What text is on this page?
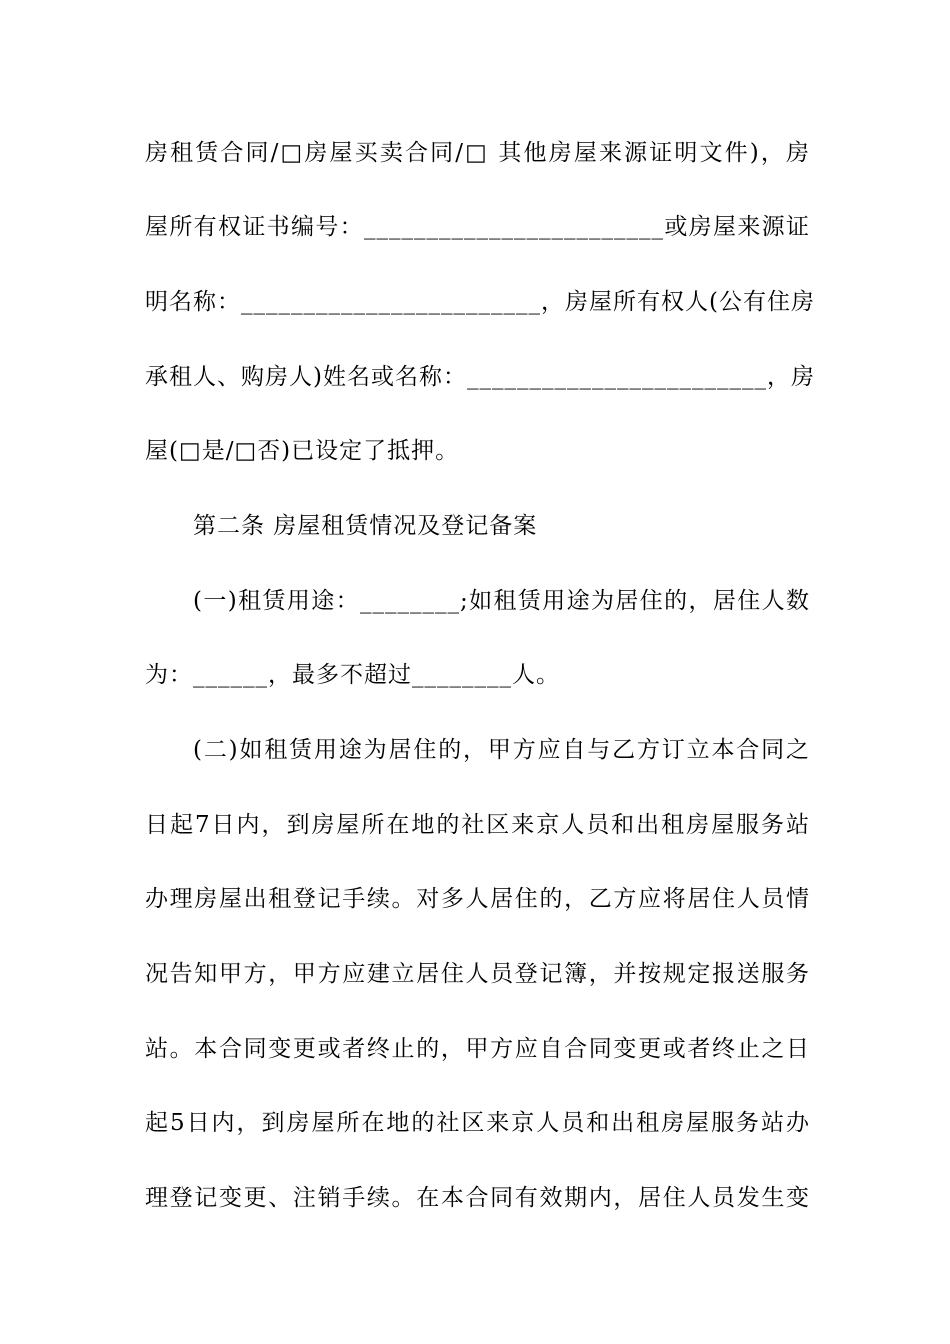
房租赁合同/□房屋买卖合同/□ 其他房屋来源证明文件)，房
屋所有权证书编号：________________________或房屋来源证
明名称：________________________，房屋所有权人(公有住房
承租人、购房人)姓名或名称：________________________，房
屋(□是/□否)已设定了抵押。
第二条 房屋租赁情况及登记备案
(一)租赁用途：________;如租赁用途为居住的，居住人数
为：______，最多不超过________人。
(二)如租赁用途为居住的，甲方应自与乙方订立本合同之
日起7日内，到房屋所在地的社区来京人员和出租房屋服务站
办理房屋出租登记手续。对多人居住的，乙方应将居住人员情
况告知甲方，甲方应建立居住人员登记簿，并按规定报送服务
站。本合同变更或者终止的，甲方应自合同变更或者终止之日
起5日内，到房屋所在地的社区来京人员和出租房屋服务站办
理登记变更、注销手续。在本合同有效期内，居住人员发生变
